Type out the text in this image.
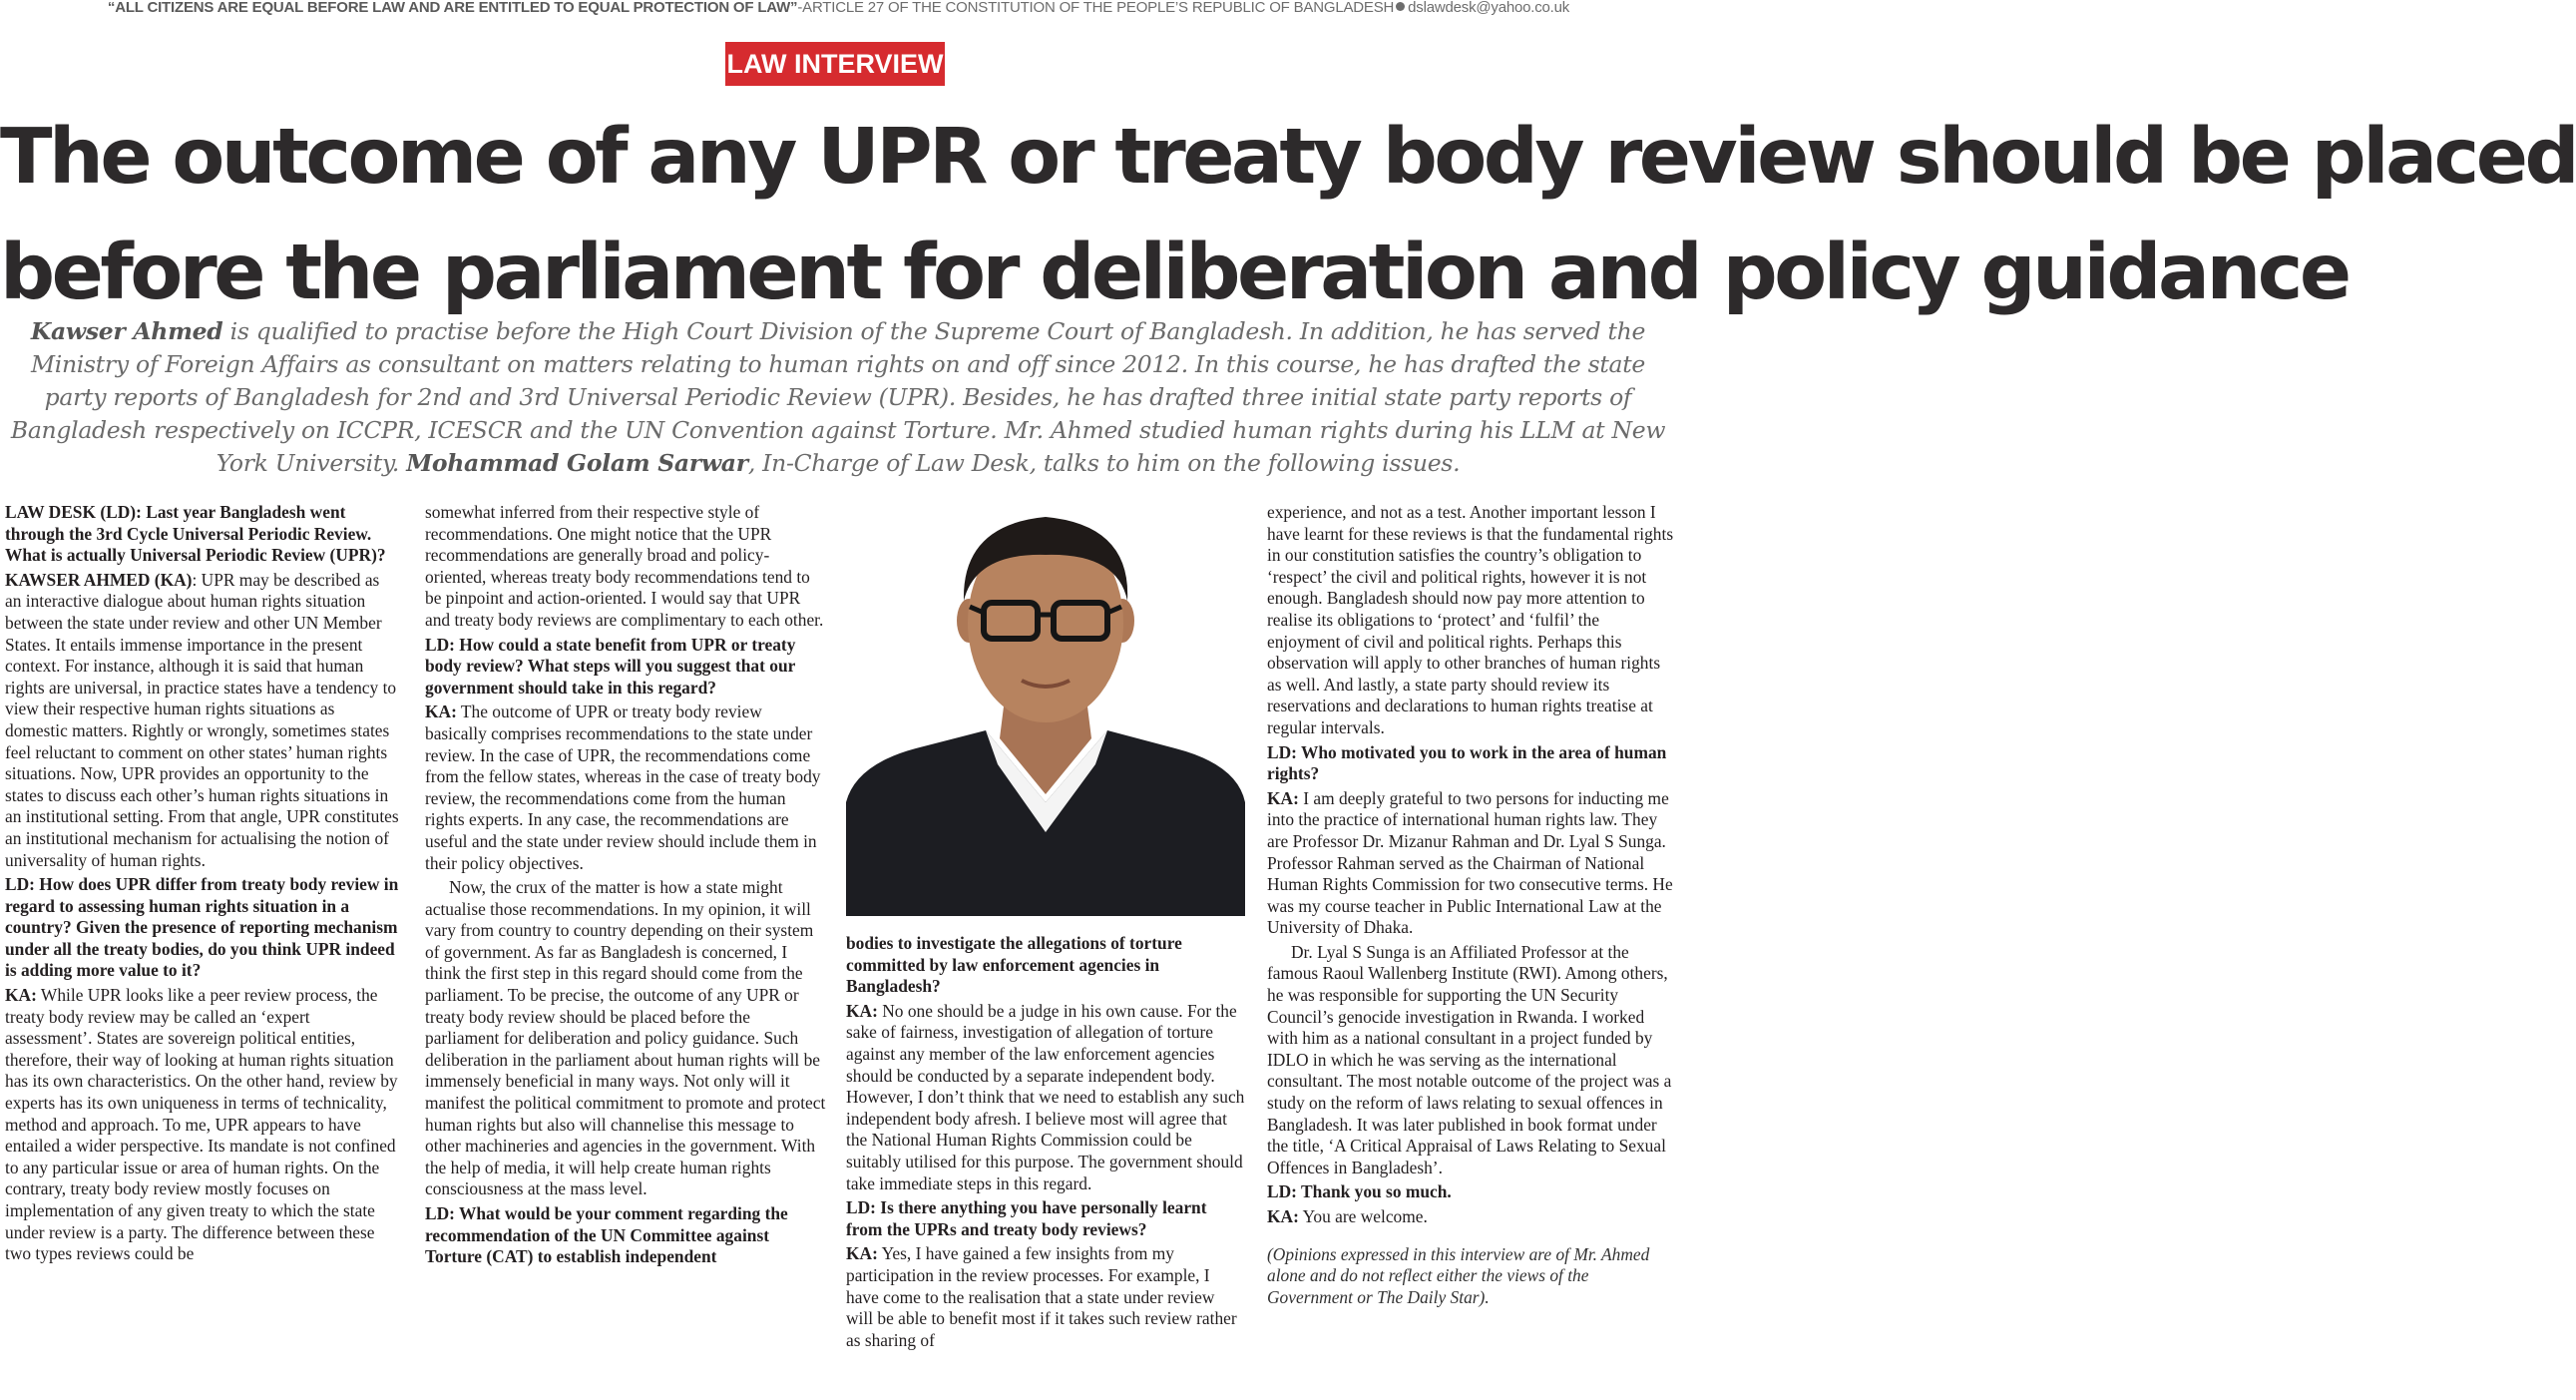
“ALL CITIZENS ARE EQUAL BEFORE LAW AND ARE ENTITLED TO EQUAL PROTECTION OF LAW”-ARTICLE 27 OF THE CONSTITUTION OF THE PEOPLE’S REPUBLIC OF BANGLADESH dslawdesk@yahoo.co.uk
LAW INTERVIEW
The outcome of any UPR or treaty body review should be placed
before the parliament for deliberation and policy guidance

Kawser Ahmed is qualified to practise before the High Court Division of the Supreme Court of Bangladesh. In addition, he has served the Ministry of Foreign Affairs as consultant on matters relating to human rights on and off since 2012. In this course, he has drafted the state party reports of Bangladesh for 2nd and 3rd Universal Periodic Review (UPR). Besides, he has drafted three initial state party reports of Bangladesh respectively on ICCPR, ICESCR and the UN Convention against Torture. Mr. Ahmed studied human rights during his LLM at New York University. Mohammad Golam Sarwar, In-Charge of Law Desk, talks to him on the following issues.

LAW DESK (LD): Last year Bangladesh went through the 3rd Cycle Universal Periodic Review. What is actually Universal Periodic Review (UPR)?

KAWSER AHMED (KA): UPR may be described as an interactive dialogue about human rights situation between the state under review and other UN Member States. It entails immense importance in the present context. For instance, although it is said that human rights are universal, in practice states have a tendency to view their respective human rights situations as domestic matters. Rightly or wrongly, sometimes states feel reluctant to comment on other states’ human rights situations. Now, UPR provides an opportunity to the states to discuss each other’s human rights situations in an institutional setting. From that angle, UPR constitutes an institutional mechanism for actualising the notion of universality of human rights.

LD: How does UPR differ from treaty body review in regard to assessing human rights situation in a country? Given the presence of reporting mechanism under all the treaty bodies, do you think UPR indeed is adding more value to it?

KA: While UPR looks like a peer review process, the treaty body review may be called an ‘expert assessment’. States are sovereign political entities, therefore, their way of looking at human rights situation has its own characteristics. On the other hand, review by experts has its own uniqueness in terms of technicality, method and approach. To me, UPR appears to have entailed a wider perspective. Its mandate is not confined to any particular issue or area of human rights. On the contrary, treaty body review mostly focuses on implementation of any given treaty to which the state under review is a party. The difference between these two types reviews could be

somewhat inferred from their respective style of recommendations. One might notice that the UPR recommendations are generally broad and policy-oriented, whereas treaty body recommendations tend to be pinpoint and action-oriented. I would say that UPR and treaty body reviews are complimentary to each other.

LD: How could a state benefit from UPR or treaty body review? What steps will you suggest that our government should take in this regard?

KA: The outcome of UPR or treaty body review basically comprises recommendations to the state under review. In the case of UPR, the recommendations come from the fellow states, whereas in the case of treaty body review, the recommendations come from the human rights experts. In any case, the recommendations are useful and the state under review should include them in their policy objectives.

Now, the crux of the matter is how a state might actualise those recommendations. In my opinion, it will vary from country to country depending on their system of government. As far as Bangladesh is concerned, I think the first step in this regard should come from the parliament. To be precise, the outcome of any UPR or treaty body review should be placed before the parliament for deliberation and policy guidance. Such deliberation in the parliament about human rights will be immensely beneficial in many ways. Not only will it manifest the political commitment to promote and protect human rights but also will channelise this message to other machineries and agencies in the government. With the help of media, it will help create human rights consciousness at the mass level.

LD: What would be your comment regarding the recommendation of the UN Committee against Torture (CAT) to establish independent

bodies to investigate the allegations of torture committed by law enforcement agencies in Bangladesh?

KA: No one should be a judge in his own cause. For the sake of fairness, investigation of allegation of torture against any member of the law enforcement agencies should be conducted by a separate independent body. However, I don’t think that we need to establish any such independent body afresh. I believe most will agree that the National Human Rights Commission could be suitably utilised for this purpose. The government should take immediate steps in this regard.

LD: Is there anything you have personally learnt from the UPRs and treaty body reviews?

KA: Yes, I have gained a few insights from my participation in the review processes. For example, I have come to the realisation that a state under review will be able to benefit most if it takes such review rather as sharing of

experience, and not as a test. Another important lesson I have learnt for these reviews is that the fundamental rights in our constitution satisfies the country’s obligation to ‘respect’ the civil and political rights, however it is not enough. Bangladesh should now pay more attention to realise its obligations to ‘protect’ and ‘fulfil’ the enjoyment of civil and political rights. Perhaps this observation will apply to other branches of human rights as well. And lastly, a state party should review its reservations and declarations to human rights treatise at regular intervals.

LD: Who motivated you to work in the area of human rights?

KA: I am deeply grateful to two persons for inducting me into the practice of international human rights law. They are Professor Dr. Mizanur Rahman and Dr. Lyal S Sunga. Professor Rahman served as the Chairman of National Human Rights Commission for two consecutive terms. He was my course teacher in Public International Law at the University of Dhaka.

Dr. Lyal S Sunga is an Affiliated Professor at the famous Raoul Wallenberg Institute (RWI). Among others, he was responsible for supporting the UN Security Council’s genocide investigation in Rwanda. I worked with him as a national consultant in a project funded by IDLO in which he was serving as the international consultant. The most notable outcome of the project was a study on the reform of laws relating to sexual offences in Bangladesh. It was later published in book format under the title, ‘A Critical Appraisal of Laws Relating to Sexual Offences in Bangladesh’.

LD: Thank you so much.

KA: You are welcome.

(Opinions expressed in this interview are of Mr. Ahmed alone and do not reflect either the views of the Government or The Daily Star).
